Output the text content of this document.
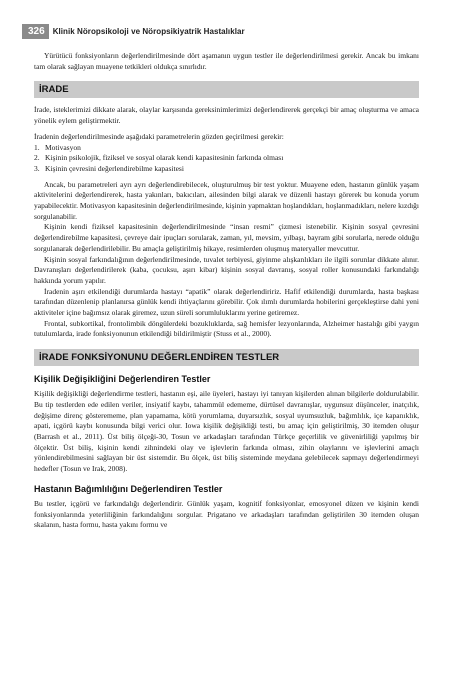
326	Klinik Nöropsikoloji ve Nöropsikiyatrik Hastalıklar

Yürütücü fonksiyonların değerlendirilmesinde dört aşamanın uygun testler ile değerlendirilmesi gerekir. Ancak bu imkanı tam olarak sağlayan muayene tetkikleri oldukça sınırlıdır.

İRADE

İrade, isteklerimizi dikkate alarak, olaylar karşısında gereksinimlerimizi değerlendirerek gerçekçi bir amaç oluşturma ve amaca yönelik eylem geliştirmektir.

İradenin değerlendirilmesinde aşağıdaki parametrelerin gözden geçirilmesi gerekir:

1. Motivasyon
2. Kişinin psikolojik, fiziksel ve sosyal olarak kendi kapasitesinin farkında olması
3. Kişinin çevresini değerlendirebilme kapasitesi

Ancak, bu parametreleri ayrı ayrı değerlendirebilecek, oluşturulmuş bir test yoktur. Muayene eden, hastanın günlük yaşam aktivitelerini değerlendirerek, hasta yakınları, bakıcıları, ailesinden bilgi alarak ve düzenli hastayı görerek bu konuda yorum yapabilecektir. Motivasyon kapasitesinin değerlendirilmesinde, kişinin yapmaktan hoşlandıkları, hoşlanmadıkları, nelere kızdığı sorgulanabilir.

Kişinin kendi fiziksel kapasitesinin değerlendirilmesinde “insan resmi” çizmesi istenebilir. Kişinin sosyal çevresini değerlendirebilme kapasitesi, çevreye dair ipuçları sorularak, zaman, yıl, mevsim, yılbaşı, bayram gibi sorularla, nerede olduğu sorgulanarak değerlendirilebilir. Bu amaçla geliştirilmiş hikaye, resimlerden oluşmuş materyaller mevcuttur.

Kişinin sosyal farkındalığının değerlendirilmesinde, tuvalet terbiyesi, giyinme alışkanlıkları ile ilgili sorunlar dikkate alınır. Davranışları değerlendirilerek (kaba, çocuksu, aşırı kibar) kişinin sosyal davranış, sosyal roller konusundaki farkındalığı hakkında yorum yapılır.

İradenin aşırı etkilendiği durumlarda hastayı “apatik” olarak değerlendiririz. Hafif etkilendiği durumlarda, hasta başkası tarafından düzenlenip planlanırsa günlük kendi ihtiyaçlarını görebilir. Çok ılımlı durumlarda hobilerini gerçekleştirse dahi yeni aktiviteler içine bağımsız olarak giremez, uzun süreli sorumluluklarını yerine getiremez.

Frontal, subkortikal, frontolimbik döngülerdeki bozukluklarda, sağ hemisfer lezyonlarında, Alzheimer hastalığı gibi yaygın tutulumlarda, irade fonksiyonunun etkilendiği bildirilmiştir (Stuss et al., 2000).

İRADE FONKSİYONUNU DEĞERLENDİREN TESTLER
Kişilik Değişikliğini Değerlendiren Testler

Kişilik değişikliği değerlendirme testleri, hastanın eşi, aile üyeleri, hastayı iyi tanıyan kişilerden alınan bilgilerle doldurulabilir. Bu tip testlerden ede edilen veriler, insiyatif kaybı, tahammül edememe, dürtüsel davranışlar, uygunsuz düşünceler, inatçılık, değişime direnç gösterememe, plan yapamama, kötü yorumlama, duyarsızlık, sosyal uyumsuzluk, bağımlılık, içe kapanıklık, apati, içgörü kaybı konusunda bilgi verici olur. Iowa kişilik değişikliği testi, bu amaç için geliştirilmiş, 30 itemden oluşur (Barrash et al., 2011). Üst biliş ölçeği-30, Tosun ve arkadaşları tarafından Türkçe geçerlilik ve güvenirliliği yapılmış bir ölçektir. Üst biliş, kişinin kendi zihnindeki olay ve işlevlerin farkında olması, zihin olaylarını ve işlevlerini amaçlı yönlendirebilmesini sağlayan bir üst sistemdir. Bu ölçek, üst biliş sisteminde meydana gelebilecek sapmayı değerlendirmeyi hedefler (Tosun ve Irak, 2008).

Hastanın Bağımlılığını Değerlendiren Testler

Bu testler, içgörü ve farkındalığı değerlendirir. Günlük yaşam, kognitif fonksiyonlar, emosyonel düzen ve kişinin kendi fonksiyonlarında yeterliliğinin farkındalığını sorgular. Prigatano ve arkadaşları tarafından geliştirilen 30 itemden oluşan skalanın, hasta formu, hasta yakını formu ve
